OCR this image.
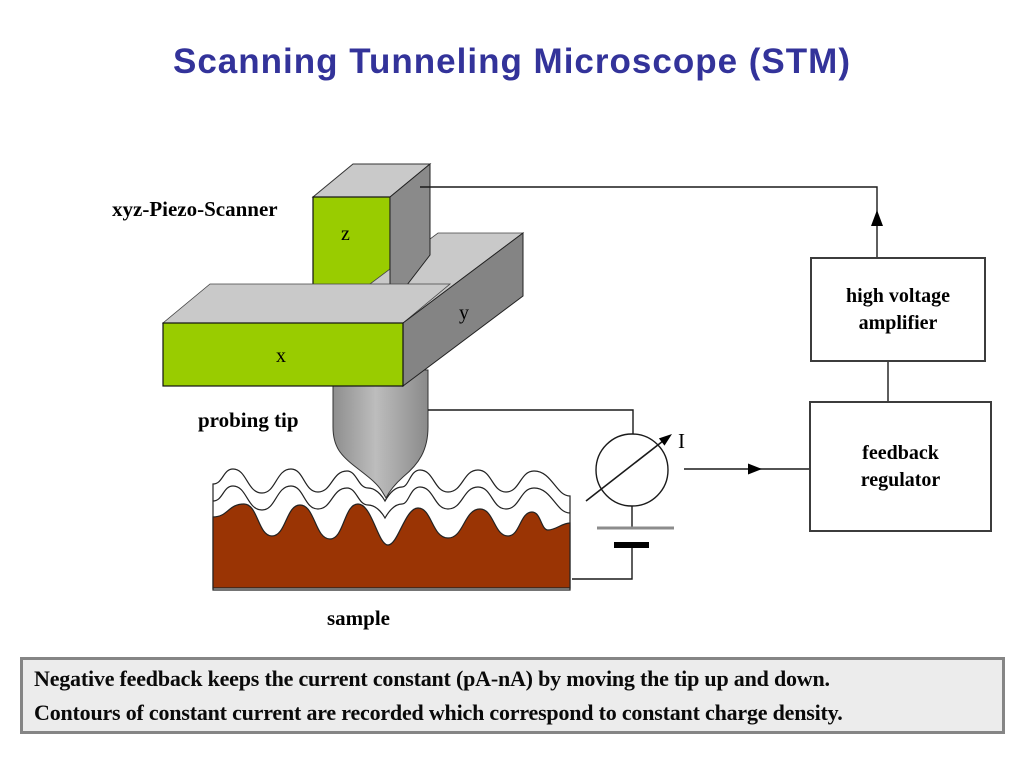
Scanning Tunneling Microscope (STM)
xyz-Piezo-Scanner
z
y
x
probing tip
sample
I
high voltage
amplifier
feedback
regulator
Negative feedback keeps the current constant (pA-nA) by moving the tip up and down.
Contours of constant current are recorded which correspond to constant charge density.
